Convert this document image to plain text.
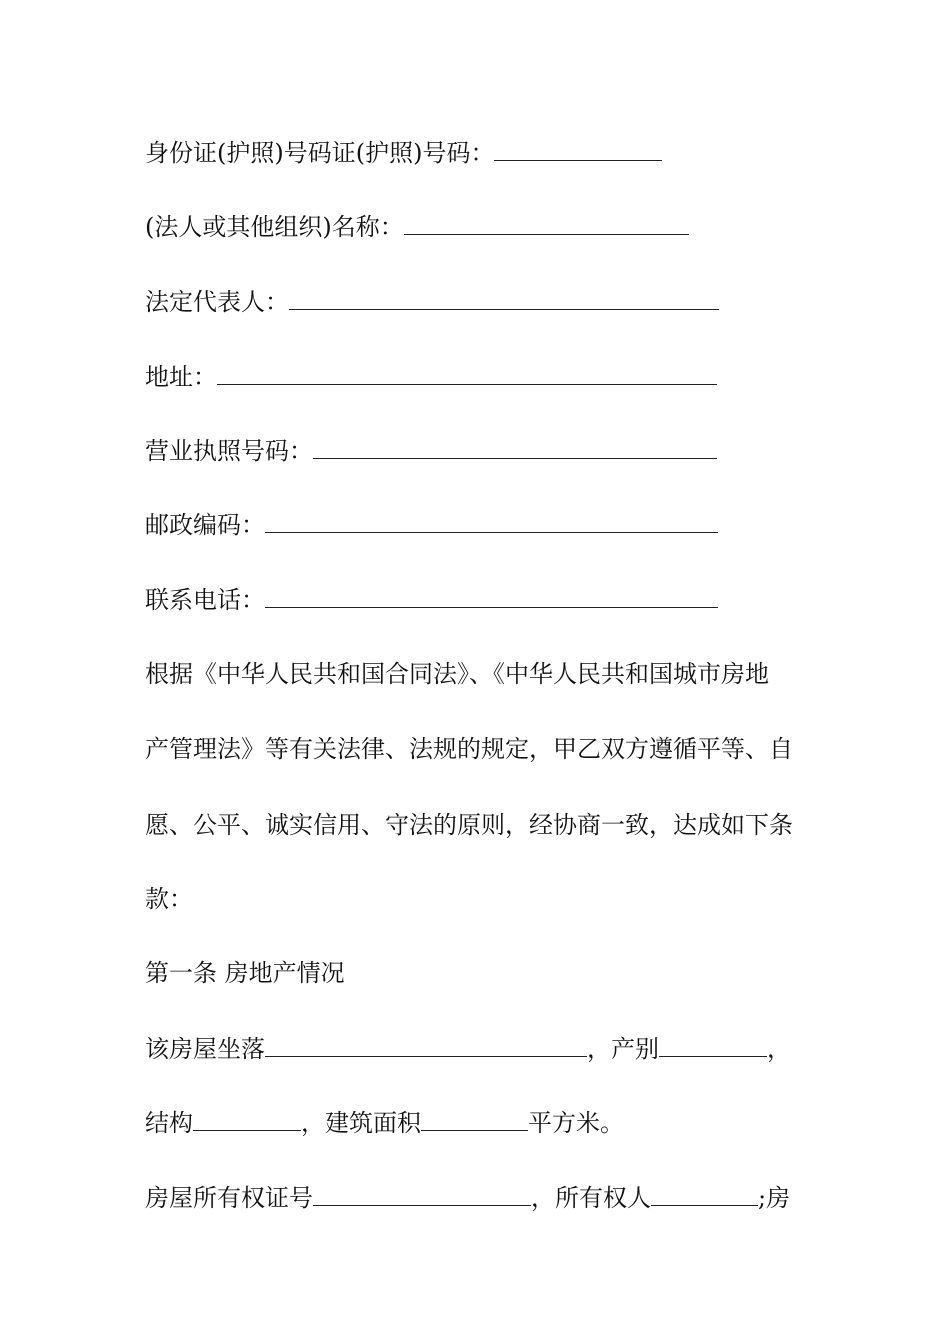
身份证(护照)号码证(护照)号码：
(法人或其他组织)名称：
法定代表人：
地址：
营业执照号码：
邮政编码：
联系电话：
根据《中华人民共和国合同法》、《中华人民共和国城市房地
产管理法》等有关法律、法规的规定，甲乙双方遵循平等、自
愿、公平、诚实信用、守法的原则，经协商一致，达成如下条
款：
第一条 房地产情况
该房屋坐落	，产别	，
结构	，建筑面积	平方米。
房屋所有权证号	，所有权人	;房
